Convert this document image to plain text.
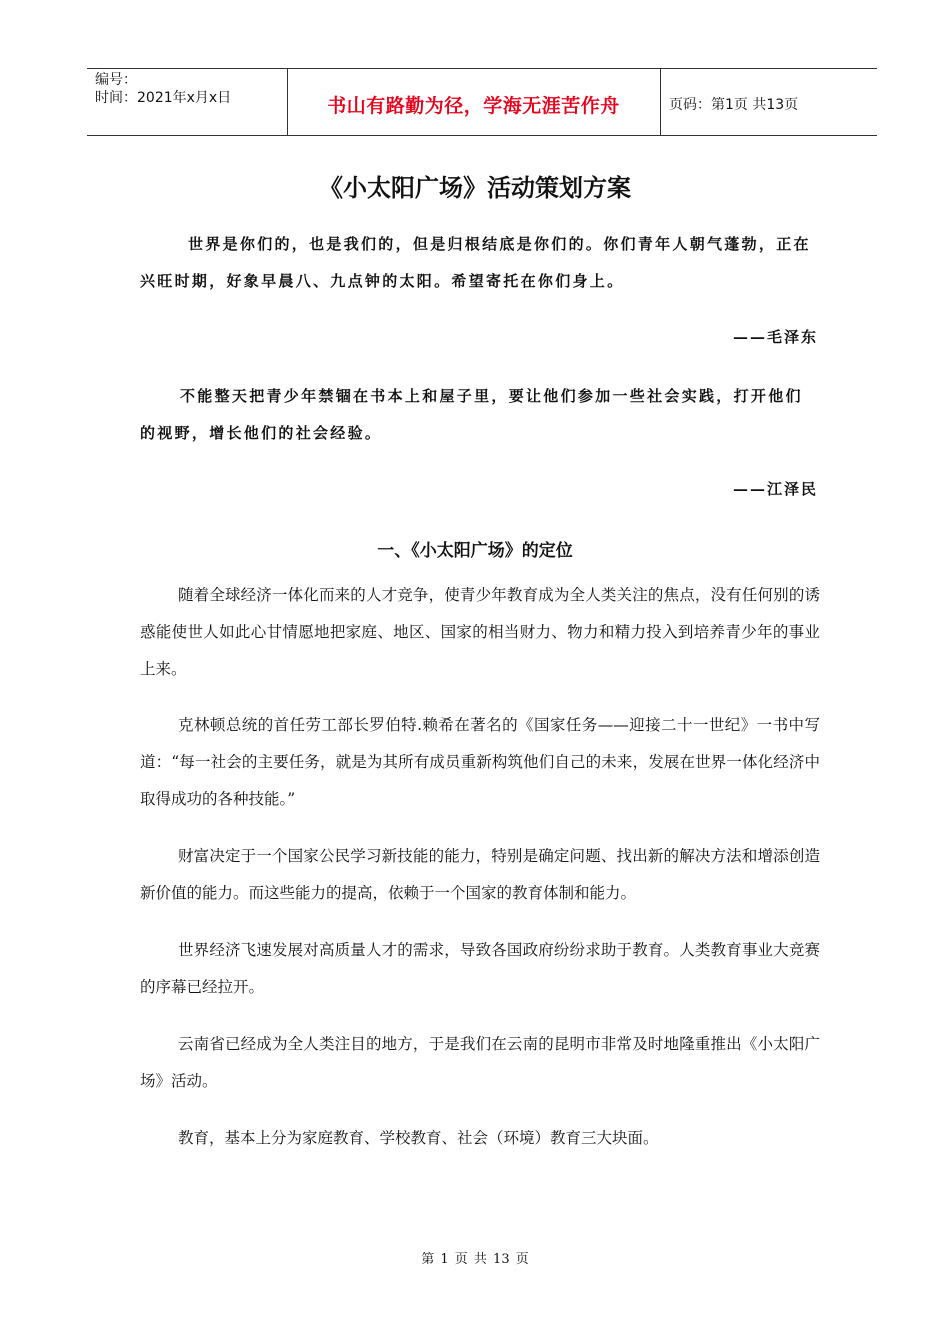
编号：
时间：2021年x月x日	书山有路勤为径，学海无涯苦作舟	页码：第1页 共13页
《小太阳广场》活动策划方案
世界是你们的，也是我们的，但是归根结底是你们的。你们青年人朝气蓬勃，正在兴旺时期，好象早晨八、九点钟的太阳。希望寄托在你们身上。
——毛泽东
不能整天把青少年禁锢在书本上和屋子里，要让他们参加一些社会实践，打开他们的视野，增长他们的社会经验。
——江泽民
一、《小太阳广场》的定位
随着全球经济一体化而来的人才竞争，使青少年教育成为全人类关注的焦点，没有任何别的诱惑能使世人如此心甘情愿地把家庭、地区、国家的相当财力、物力和精力投入到培养青少年的事业上来。
克林顿总统的首任劳工部长罗伯特.赖希在著名的《国家任务——迎接二十一世纪》一书中写道：“每一社会的主要任务，就是为其所有成员重新构筑他们自己的未来，发展在世界一体化经济中取得成功的各种技能。”
财富决定于一个国家公民学习新技能的能力，特别是确定问题、找出新的解决方法和增添创造新价值的能力。而这些能力的提高，依赖于一个国家的教育体制和能力。
世界经济飞速发展对高质量人才的需求，导致各国政府纷纷求助于教育。人类教育事业大竞赛的序幕已经拉开。
云南省已经成为全人类注目的地方，于是我们在云南的昆明市非常及时地隆重推出《小太阳广场》活动。
教育，基本上分为家庭教育、学校教育、社会（环境）教育三大块面。
第 1 页 共 13 页
